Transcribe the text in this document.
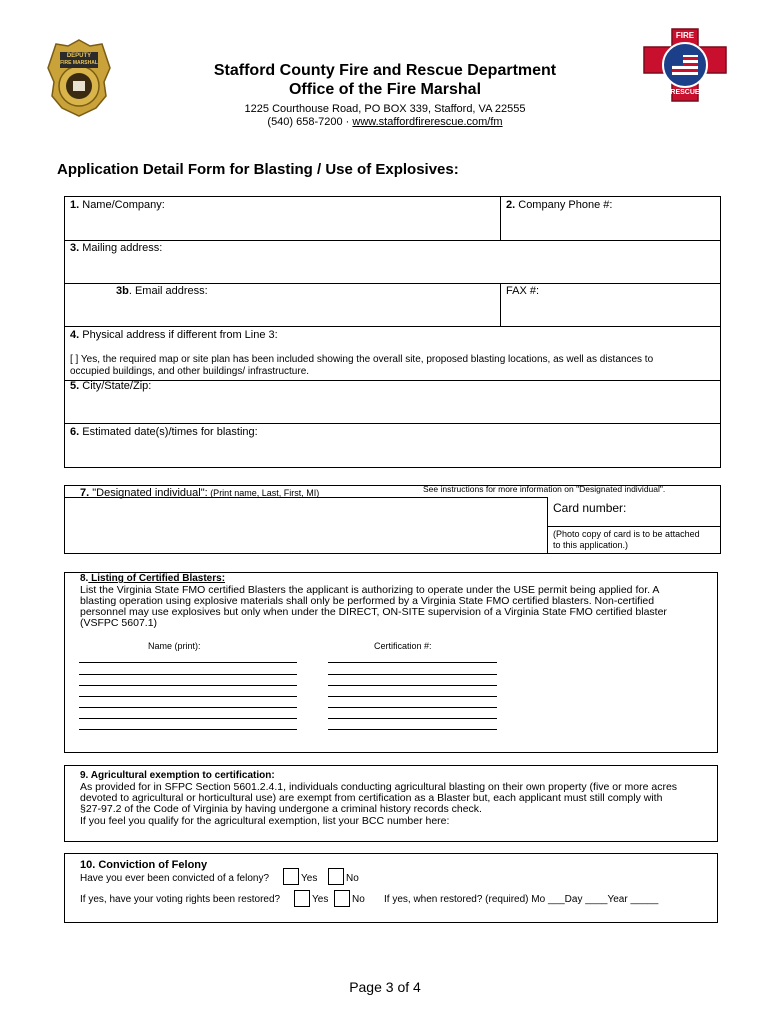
DEPUTY
FIRE MARSHAL
FIRE
RESCUE
Stafford County Fire and Rescue Department
Office of the Fire Marshal
1225 Courthouse Road, PO BOX 339, Stafford, VA 22555
(540) 658-7200 · www.staffordfirerescue.com/fm
Application Detail Form for Blasting / Use of Explosives:
1. Name/Company:	2. Company Phone #:
3. Mailing address:
3b. Email address:	FAX #:
4. Physical address if different from Line 3:
[ ] Yes, the required map or site plan has been included showing the overall site, proposed blasting locations, as well as distances to occupied buildings, and other buildings/ infrastructure.
5. City/State/Zip:
6. Estimated date(s)/times for blasting:
See instructions for more information on "Designated individual".
7. "Designated individual": (Print name, Last, First, MI)
Card number:
(Photo copy of card is to be attached to this application.)
8. Listing of Certified Blasters:
List the Virginia State FMO certified Blasters the applicant is authorizing to operate under the USE permit being applied for. A blasting operation using explosive materials shall only be performed by a Virginia State FMO certified blasters. Non-certified personnel may use explosives but only when under the DIRECT, ON-SITE supervision of a Virginia State FMO certified blaster (VSFPC 5607.1)
Name (print):	Certification #:
9. Agricultural exemption to certification:
As provided for in SFPC Section 5601.2.4.1, individuals conducting agricultural blasting on their own property (five or more acres devoted to agricultural or horticultural use) are exempt from certification as a Blaster but, each applicant must still comply with §27-97.2 of the Code of Virginia by having undergone a criminal history records check.
If you feel you qualify for the agricultural exemption, list your BCC number here:
10. Conviction of Felony
Have you ever been convicted of a felony?	Yes	No
If yes, have your voting rights been restored?	Yes No If yes, when restored? (required) Mo ___Day ____Year _____
Page 3 of 4
